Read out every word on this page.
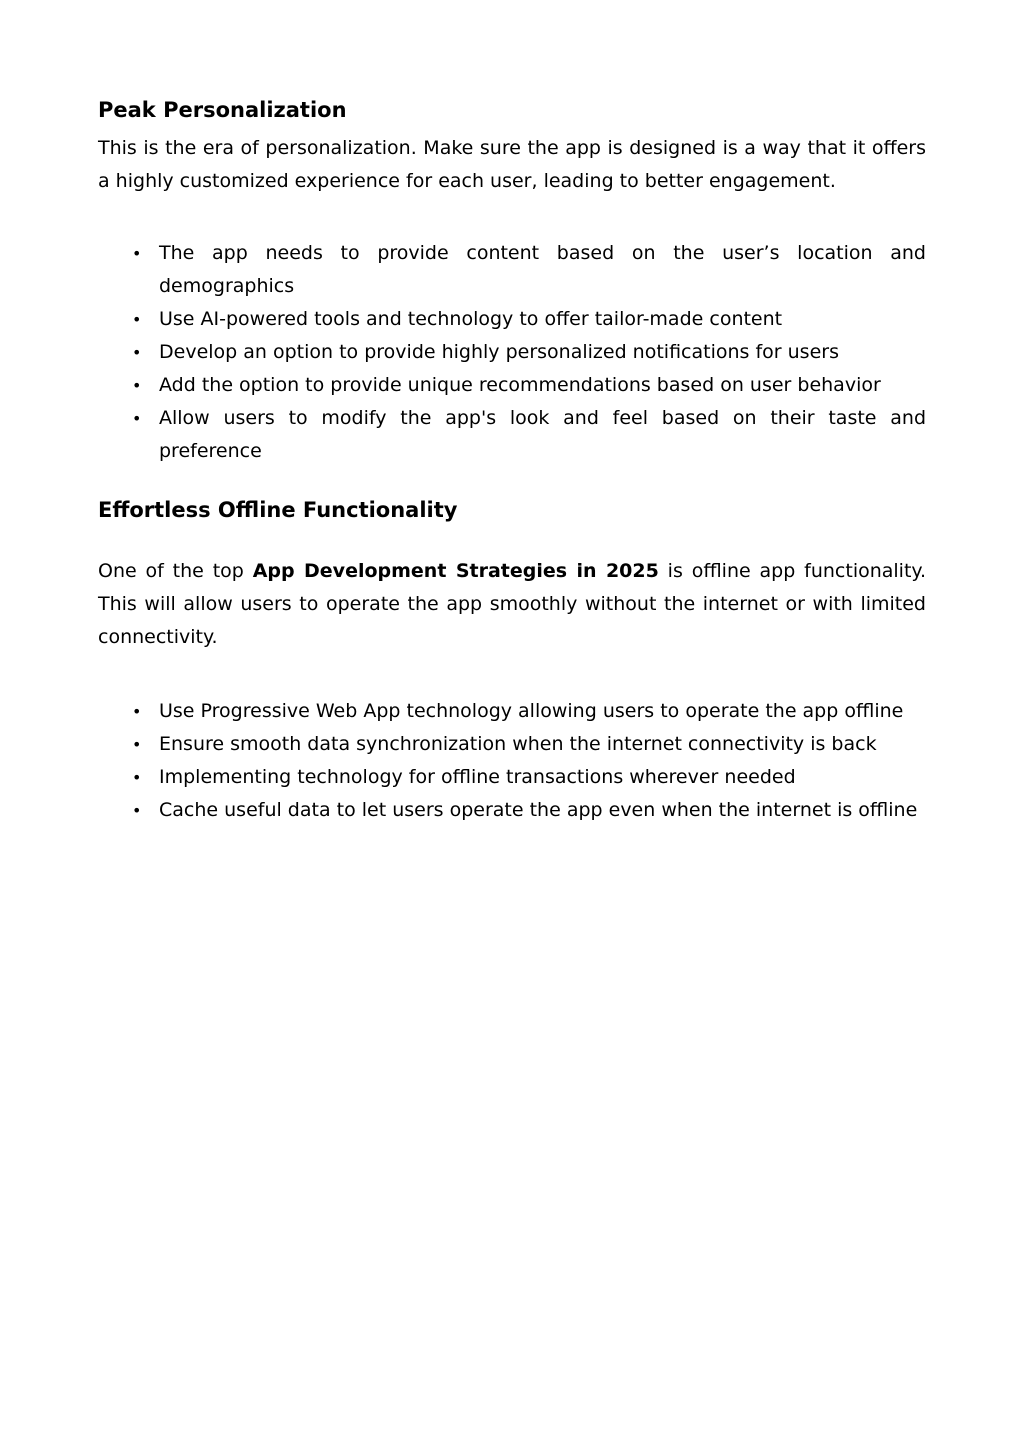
Peak Personalization

This is the era of personalization. Make sure the app is designed is a way that it offers a highly customized experience for each user, leading to better engagement.

• The app needs to provide content based on the user’s location and demographics
• Use AI-powered tools and technology to offer tailor-made content
• Develop an option to provide highly personalized notifications for users
• Add the option to provide unique recommendations based on user behavior
• Allow users to modify the app's look and feel based on their taste and preference
Effortless Offline Functionality

One of the top App Development Strategies in 2025 is offline app functionality. This will allow users to operate the app smoothly without the internet or with limited connectivity.

• Use Progressive Web App technology allowing users to operate the app offline
• Ensure smooth data synchronization when the internet connectivity is back
• Implementing technology for offline transactions wherever needed
• Cache useful data to let users operate the app even when the internet is offline
